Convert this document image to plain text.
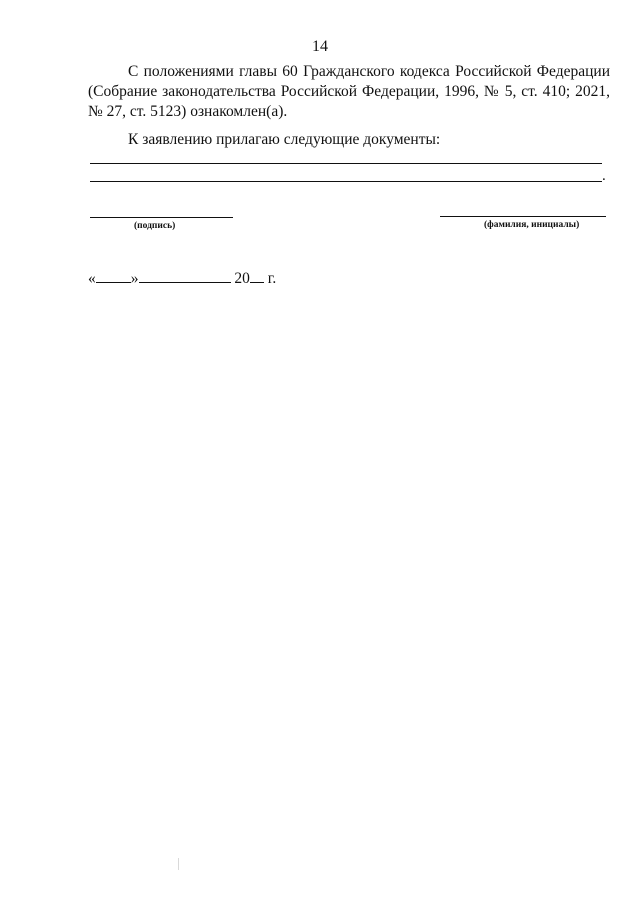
14
С положениями главы 60 Гражданского кодекса Российской Федерации (Собрание законодательства Российской Федерации, 1996, № 5, ст. 410; 2021, № 27, ст. 5123) ознакомлен(а).
К заявлению прилагаю следующие документы:
.
(подпись)	(фамилия, инициалы)
« »	20 г.
